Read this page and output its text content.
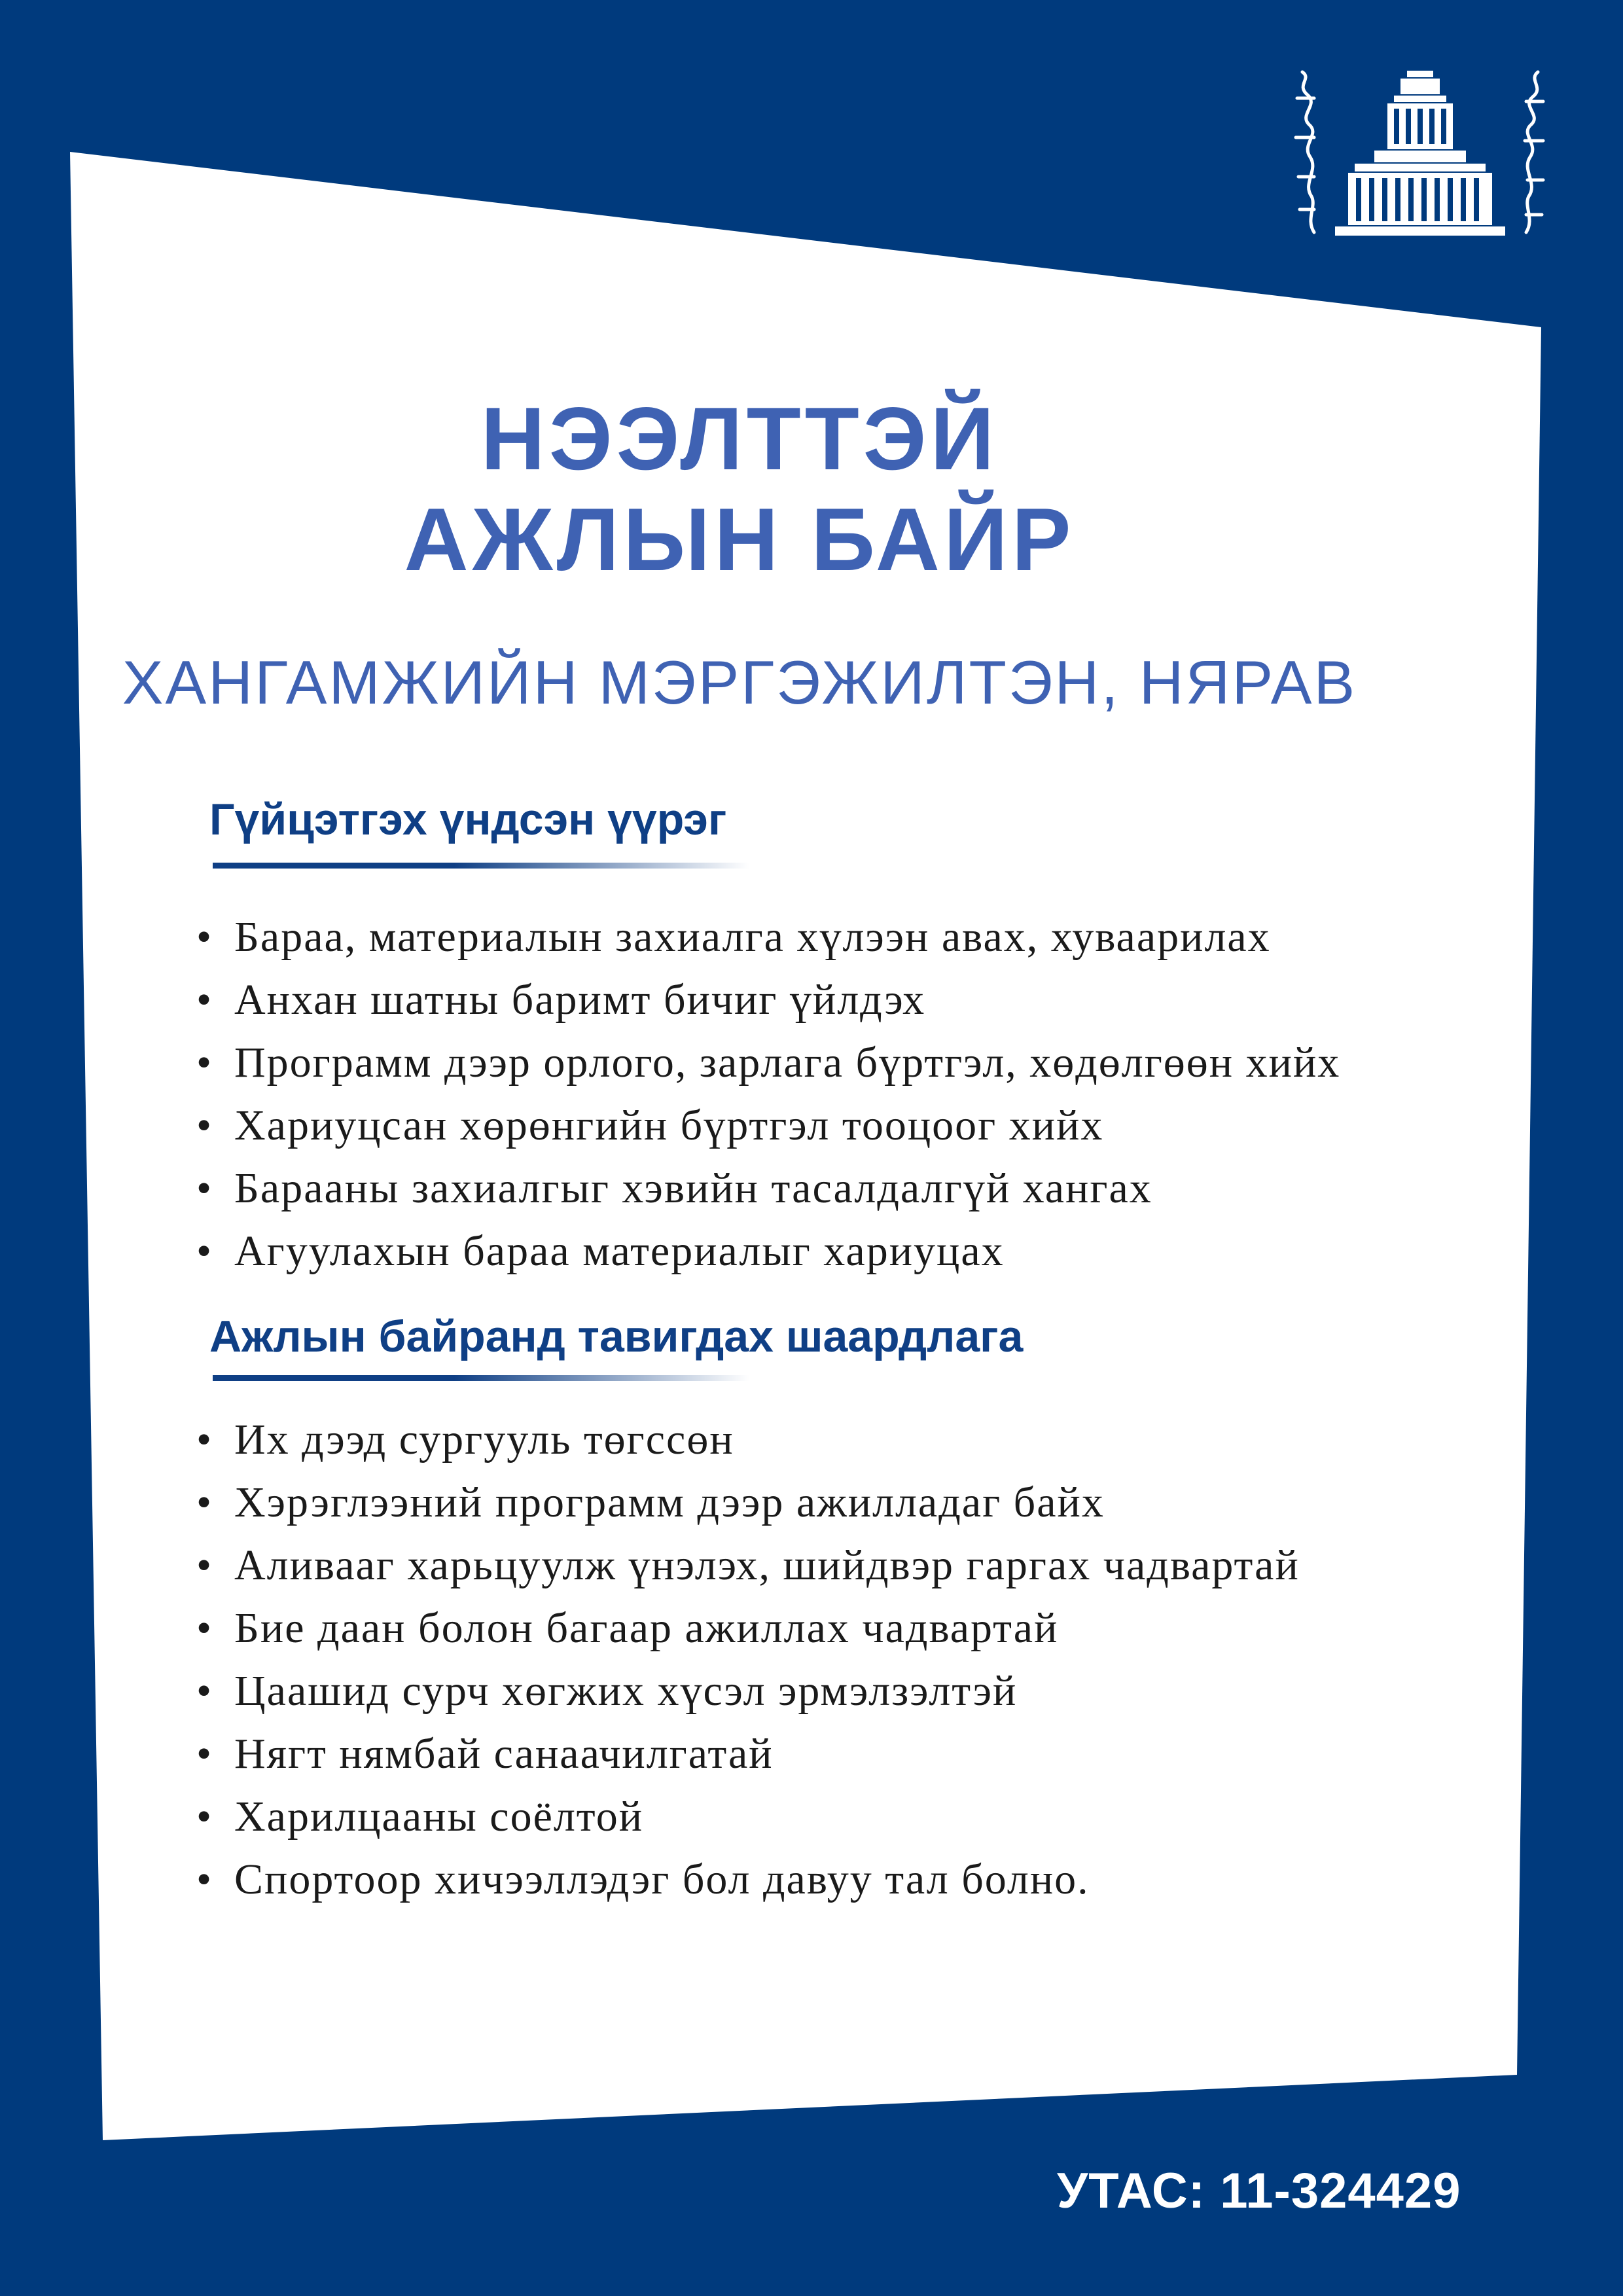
НЭЭЛТТЭЙ
АЖЛЫН БАЙР
ХАНГАМЖИЙН МЭРГЭЖИЛТЭН, НЯРАВ
Гүйцэтгэх үндсэн үүрэг
• Бараа, материалын захиалга хүлээн авах, хуваарилах
• Анхан шатны баримт бичиг үйлдэх
• Программ дээр орлого, зарлага бүртгэл, хөдөлгөөн хийх
• Хариуцсан хөрөнгийн бүртгэл тооцоог хийх
• Барааны захиалгыг хэвийн тасалдалгүй хангах
• Агуулахын бараа материалыг хариуцах
Ажлын байранд тавигдах шаардлага
• Их дээд сургууль төгссөн
• Хэрэглээний программ дээр ажилладаг байх
• Аливааг харьцуулж үнэлэх, шийдвэр гаргах чадвартай
• Бие даан болон багаар ажиллах чадвартай
• Цаашид сурч хөгжих хүсэл эрмэлзэлтэй
• Нягт нямбай санаачилгатай
• Харилцааны соёлтой
• Спортоор хичээллэдэг бол давуу тал болно.
УТАС: 11-324429
